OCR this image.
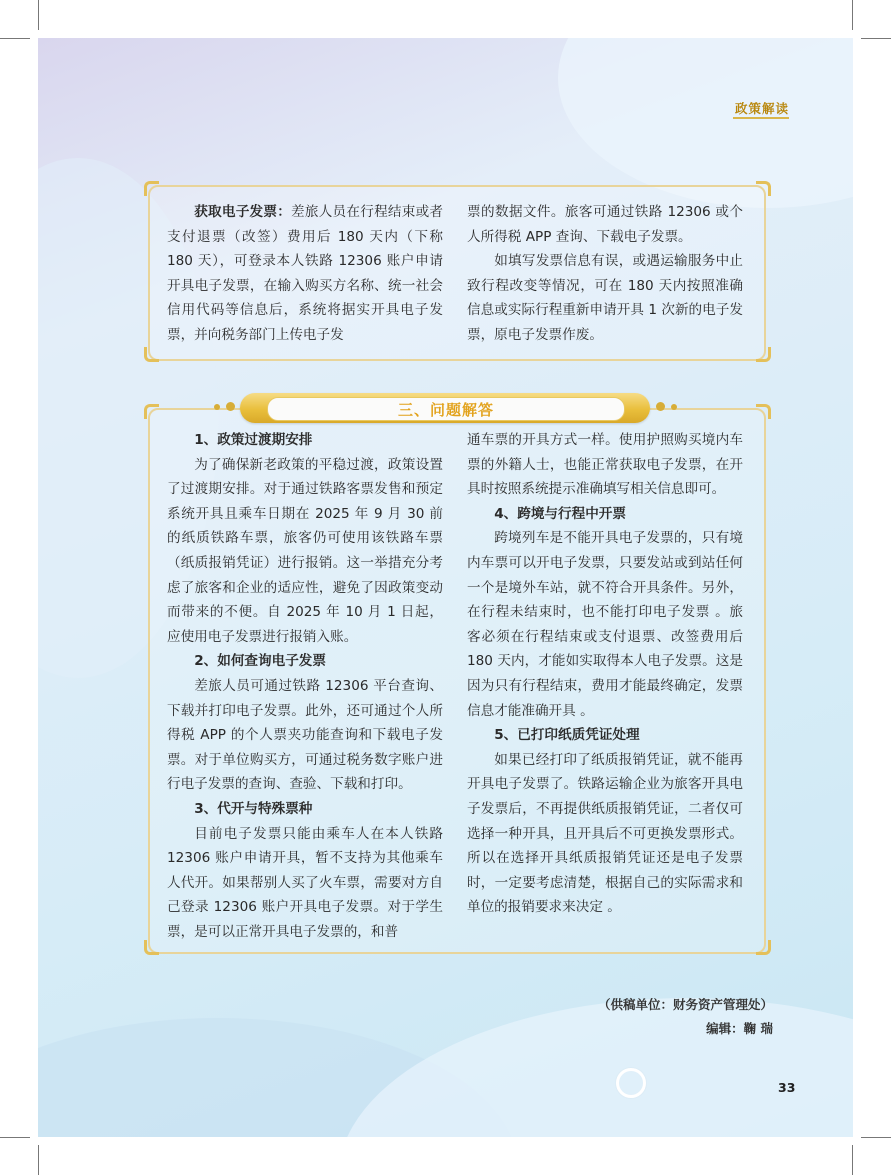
政策解读

获取电子发票：差旅人员在行程结束或者支付退票（改签）费用后 180 天内（下称 180 天），可登录本人铁路 12306 账户申请开具电子发票，在输入购买方名称、统一社会信用代码等信息后，系统将据实开具电子发票，并向税务部门上传电子发

票的数据文件。旅客可通过铁路 12306 或个人所得税 APP 查询、下载电子发票。

如填写发票信息有误，或遇运输服务中止致行程改变等情况，可在 180 天内按照准确信息或实际行程重新申请开具 1 次新的电子发票，原电子发票作废。

三、问题解答

1、政策过渡期安排

为了确保新老政策的平稳过渡，政策设置了过渡期安排。对于通过铁路客票发售和预定系统开具且乘车日期在 2025 年 9 月 30 前的纸质铁路车票，旅客仍可使用该铁路车票（纸质报销凭证）进行报销。这一举措充分考虑了旅客和企业的适应性，避免了因政策变动而带来的不便。自 2025 年 10 月 1 日起，应使用电子发票进行报销入账。

2、如何查询电子发票

差旅人员可通过铁路 12306 平台查询、下载并打印电子发票。此外，还可通过个人所得税 APP 的个人票夹功能查询和下载电子发票。对于单位购买方，可通过税务数字账户进行电子发票的查询、查验、下载和打印。

3、代开与特殊票种

目前电子发票只能由乘车人在本人铁路 12306 账户申请开具，暂不支持为其他乘车人代开。如果帮别人买了火车票，需要对方自己登录 12306 账户开具电子发票。对于学生票，是可以正常开具电子发票的，和普

通车票的开具方式一样。使用护照购买境内车票的外籍人士，也能正常获取电子发票，在开具时按照系统提示准确填写相关信息即可。

4、跨境与行程中开票

跨境列车是不能开具电子发票的，只有境内车票可以开电子发票，只要发站或到站任何一个是境外车站，就不符合开具条件。另外，在行程未结束时，也不能打印电子发票 。旅客必须在行程结束或支付退票、改签费用后 180 天内，才能如实取得本人电子发票。这是因为只有行程结束，费用才能最终确定，发票信息才能准确开具 。

5、已打印纸质凭证处理

如果已经打印了纸质报销凭证，就不能再开具电子发票了。铁路运输企业为旅客开具电子发票后，不再提供纸质报销凭证，二者仅可选择一种开具，且开具后不可更换发票形式。所以在选择开具纸质报销凭证还是电子发票时，一定要考虑清楚，根据自己的实际需求和单位的报销要求来决定 。

（供稿单位：财务资产管理处）
编辑：鞠 瑞
33
